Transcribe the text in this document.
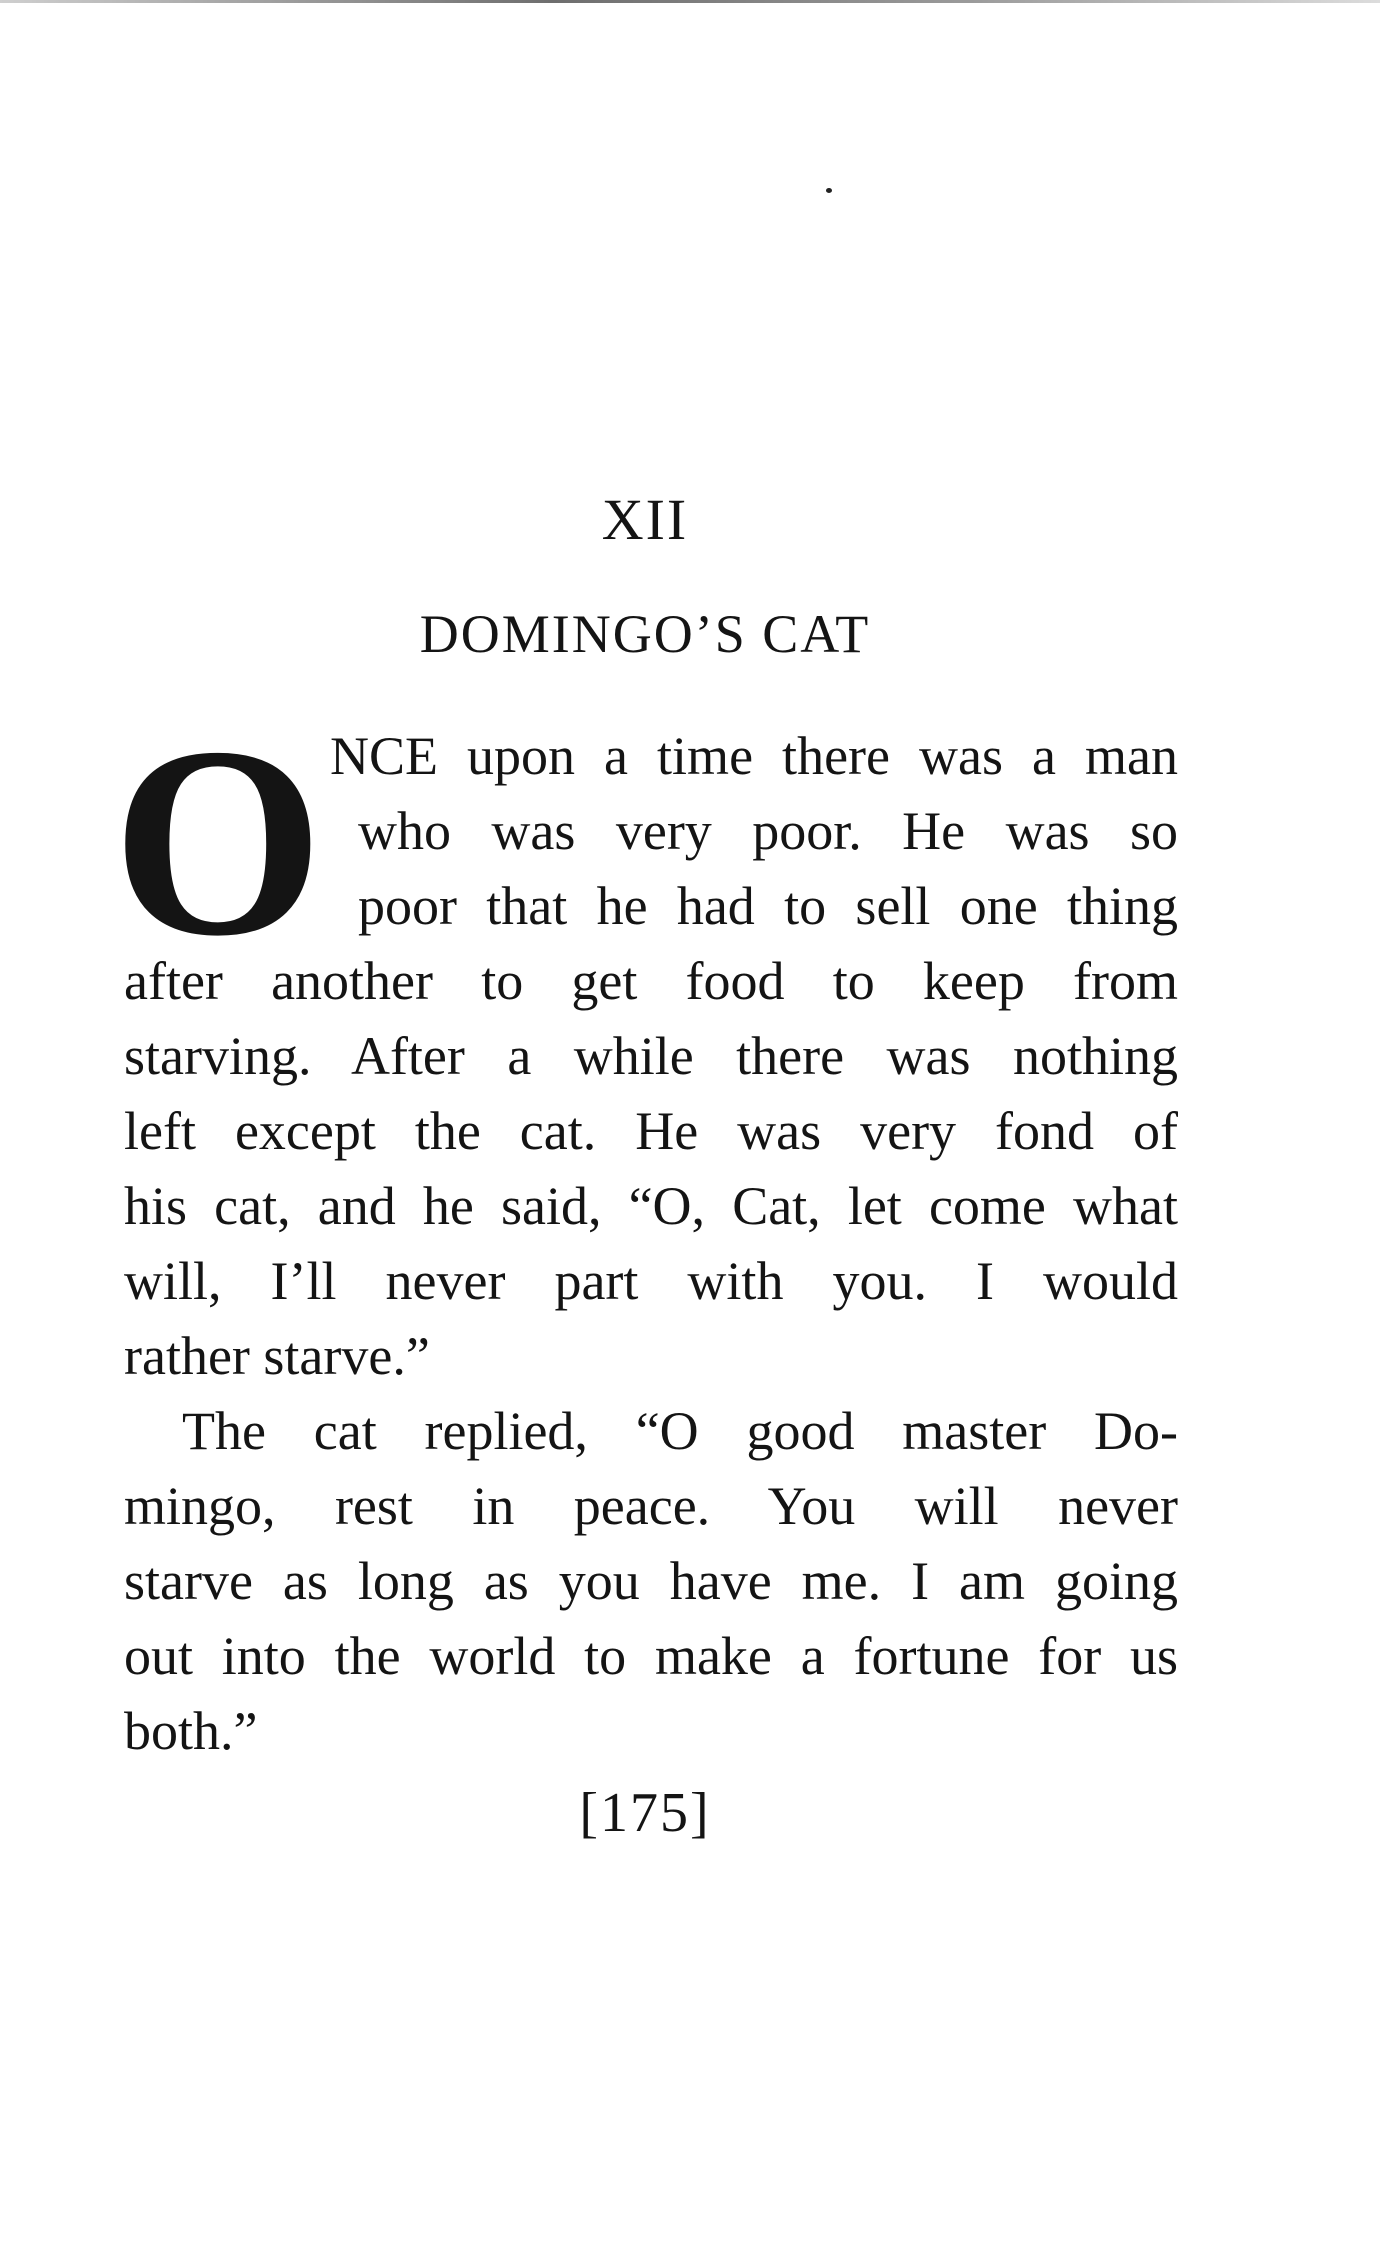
XII
DOMINGO’S CAT
O NCE upon a time there was a man
who was very poor. He was so
poor that he had to sell one thing
after another to get food to keep from
starving. After a while there was nothing
left except the cat. He was very fond of
his cat, and he said, “O, Cat, let come what
will, I’ll never part with you. I would
rather starve.”
The cat replied, “O good master Do-
mingo, rest in peace. You will never
starve as long as you have me. I am going
out into the world to make a fortune for us
both.”
[175]
